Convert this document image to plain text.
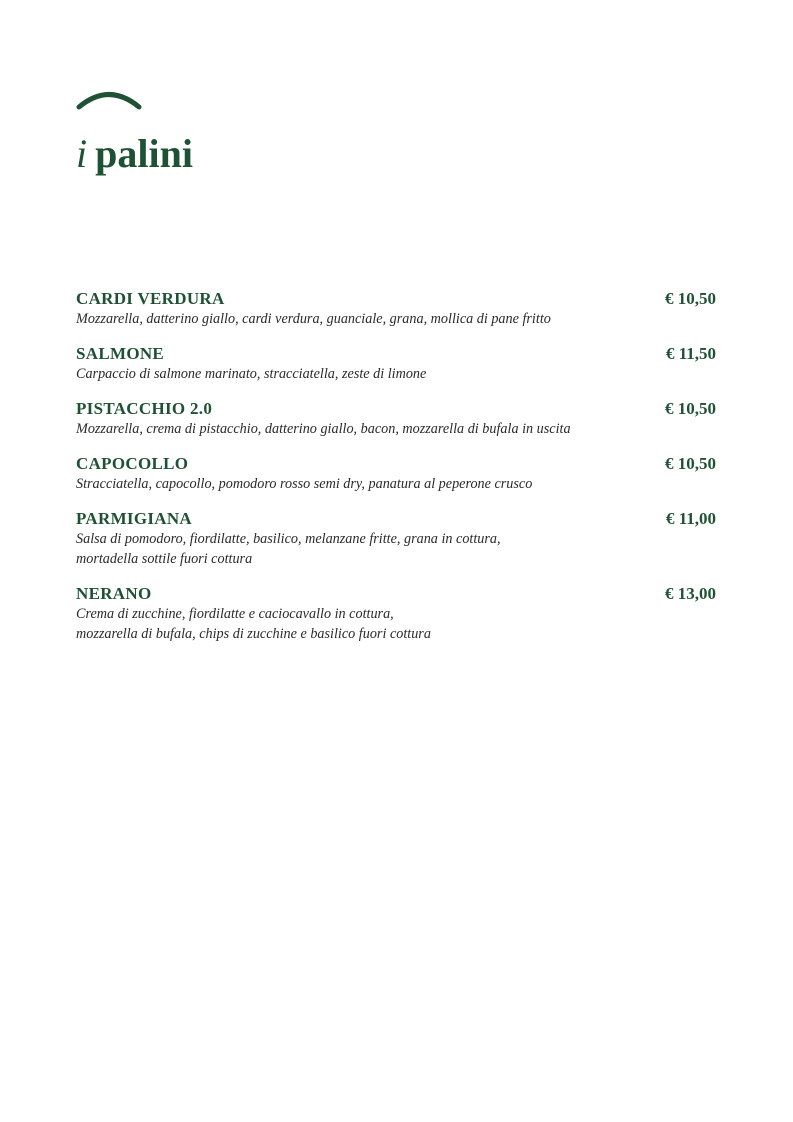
i palini
CARDI VERDURA	€ 10,50
Mozzarella, datterino giallo, cardi verdura, guanciale, grana, mollica di pane fritto
SALMONE	€ 11,50
Carpaccio di salmone marinato, stracciatella, zeste di limone
PISTACCHIO 2.0	€ 10,50
Mozzarella, crema di pistacchio, datterino giallo, bacon, mozzarella di bufala in uscita
CAPOCOLLO	€ 10,50
Stracciatella, capocollo, pomodoro rosso semi dry, panatura al peperone crusco
PARMIGIANA	€ 11,00
Salsa di pomodoro, fiordilatte, basilico, melanzane fritte, grana in cottura,
mortadella sottile fuori cottura
NERANO	€ 13,00
Crema di zucchine, fiordilatte e caciocavallo in cottura,
mozzarella di bufala, chips di zucchine e basilico fuori cottura
